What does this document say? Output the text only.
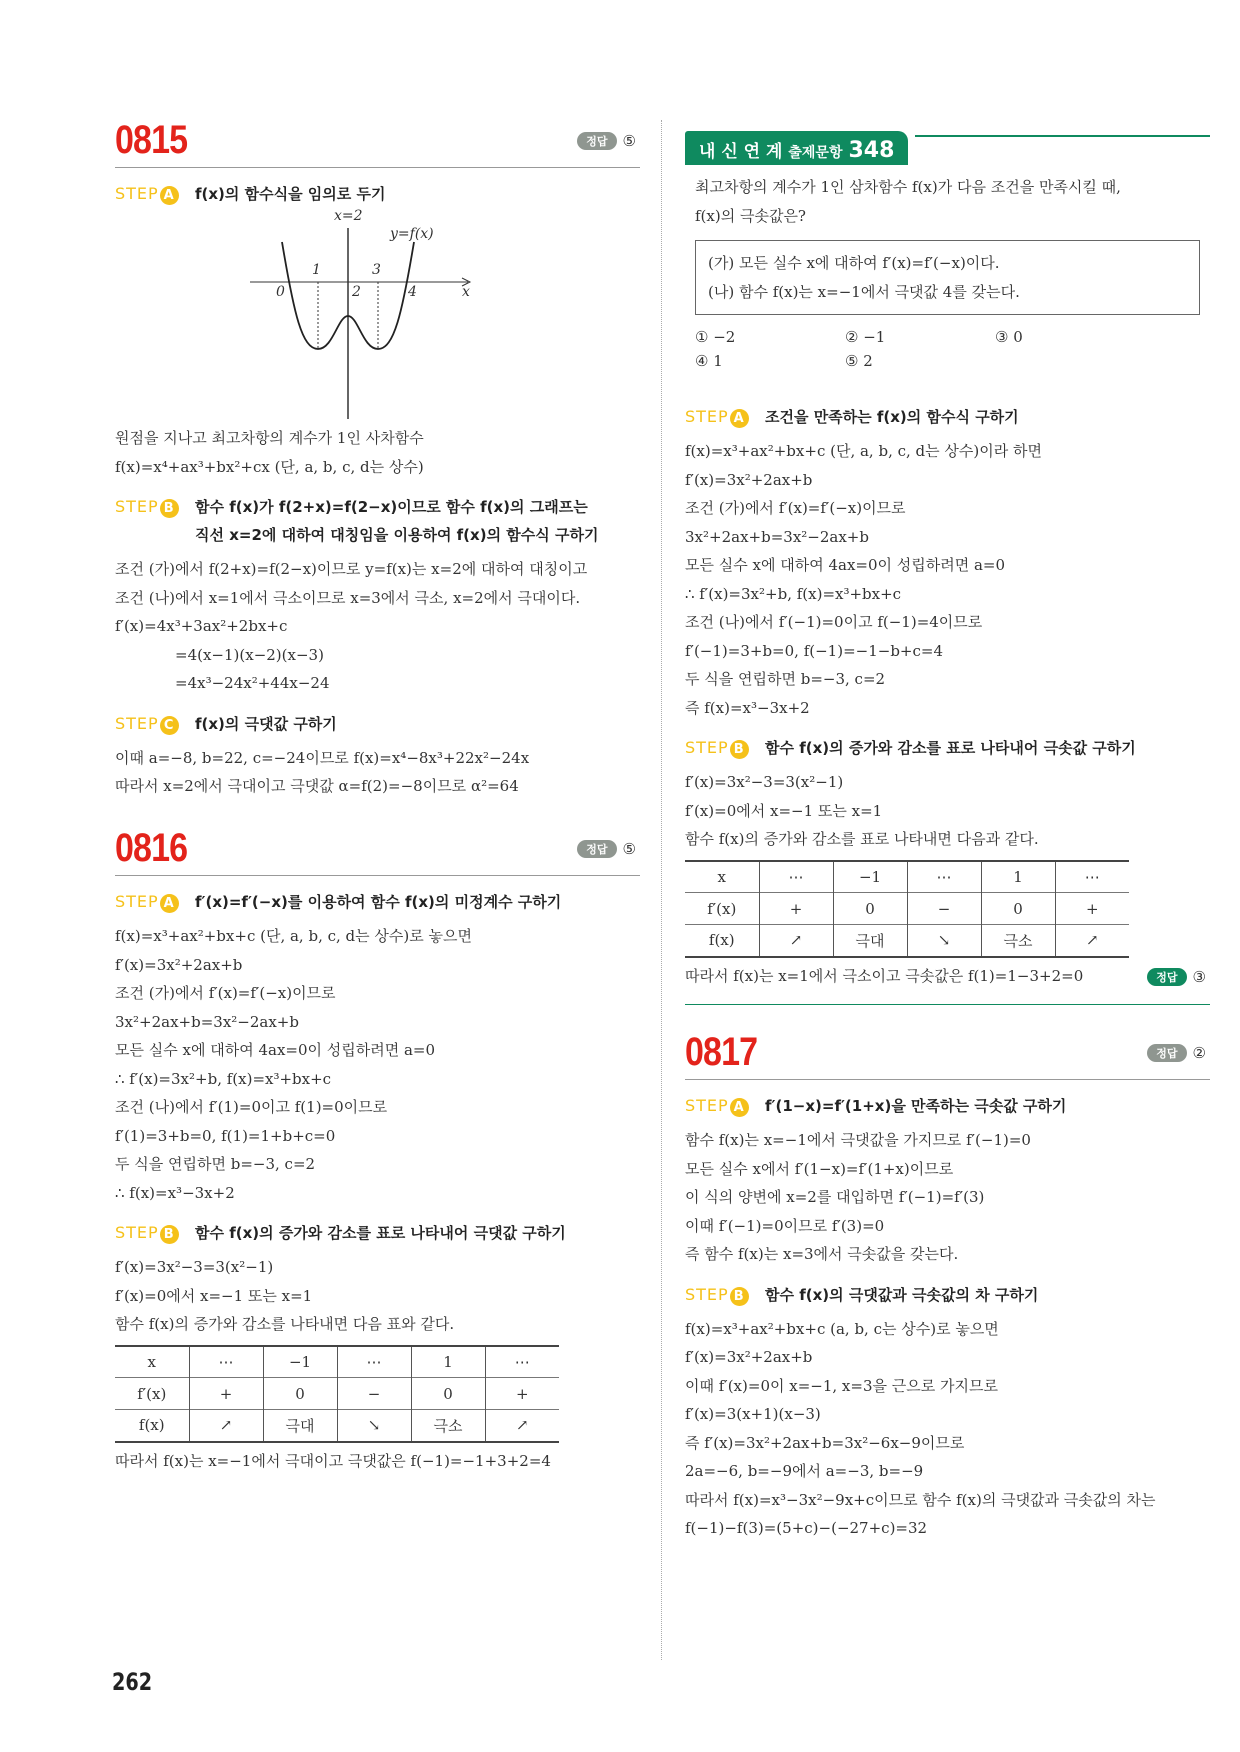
0815	정답	⑤
STEP A	f(x)의 함수식을 임의로 두기
x=2
y=f(x)
1	3
0	2	4	x
원점을 지나고 최고차항의 계수가 1인 사차함수
f(x)=x⁴+ax³+bx²+cx (단, a, b, c, d는 상수)
STEP B	함수 f(x)가 f(2+x)=f(2−x)이므로 함수 f(x)의 그래프는
직선 x=2에 대하여 대칭임을 이용하여 f(x)의 함수식 구하기
조건 (가)에서 f(2+x)=f(2−x)이므로 y=f(x)는 x=2에 대하여 대칭이고
조건 (나)에서 x=1에서 극소이므로 x=3에서 극소, x=2에서 극대이다.
f′(x)=4x³+3ax²+2bx+c
=4(x−1)(x−2)(x−3)
=4x³−24x²+44x−24
STEP C	f(x)의 극댓값 구하기
이때 a=−8, b=22, c=−24이므로 f(x)=x⁴−8x³+22x²−24x
따라서 x=2에서 극대이고 극댓값 α=f(2)=−8이므로 α²=64
0816	정답	⑤
STEP A	f′(x)=f′(−x)를 이용하여 함수 f(x)의 미정계수 구하기
f(x)=x³+ax²+bx+c (단, a, b, c, d는 상수)로 놓으면
f′(x)=3x²+2ax+b
조건 (가)에서 f′(x)=f′(−x)이므로
3x²+2ax+b=3x²−2ax+b
모든 실수 x에 대하여 4ax=0이 성립하려면 a=0
∴ f′(x)=3x²+b, f(x)=x³+bx+c
조건 (나)에서 f′(1)=0이고 f(1)=0이므로
f′(1)=3+b=0, f(1)=1+b+c=0
두 식을 연립하면 b=−3, c=2
∴ f(x)=x³−3x+2
STEP B	함수 f(x)의 증가와 감소를 표로 나타내어 극댓값 구하기
f′(x)=3x²−3=3(x²−1)
f′(x)=0에서 x=−1 또는 x=1
함수 f(x)의 증가와 감소를 나타내면 다음 표와 같다.
x	⋯	−1	⋯	1	⋯
f′(x)	+	0	−	0	+
f(x)	↗	극대	↘	극소	↗
따라서 f(x)는 x=−1에서 극대이고 극댓값은 f(−1)=−1+3+2=4
내 신 연 계 출제문항 348
최고차항의 계수가 1인 삼차함수 f(x)가 다음 조건을 만족시킬 때,
f(x)의 극솟값은?
(가) 모든 실수 x에 대하여 f′(x)=f′(−x)이다.
(나) 함수 f(x)는 x=−1에서 극댓값 4를 갖는다.
① −2	② −1	③ 0
④ 1	⑤ 2
STEP A	조건을 만족하는 f(x)의 함수식 구하기
f(x)=x³+ax²+bx+c (단, a, b, c, d는 상수)이라 하면
f′(x)=3x²+2ax+b
조건 (가)에서 f′(x)=f′(−x)이므로
3x²+2ax+b=3x²−2ax+b
모든 실수 x에 대하여 4ax=0이 성립하려면 a=0
∴ f′(x)=3x²+b, f(x)=x³+bx+c
조건 (나)에서 f′(−1)=0이고 f(−1)=4이므로
f′(−1)=3+b=0, f(−1)=−1−b+c=4
두 식을 연립하면 b=−3, c=2
즉 f(x)=x³−3x+2
STEP B	함수 f(x)의 증가와 감소를 표로 나타내어 극솟값 구하기
f′(x)=3x²−3=3(x²−1)
f′(x)=0에서 x=−1 또는 x=1
함수 f(x)의 증가와 감소를 표로 나타내면 다음과 같다.
x	⋯	−1	⋯	1	⋯
f′(x)	+	0	−	0	+
f(x)	↗	극대	↘	극소	↗
따라서 f(x)는 x=1에서 극소이고 극솟값은 f(1)=1−3+2=0	정답	③
0817	정답	②
STEP A	f′(1−x)=f′(1+x)을 만족하는 극솟값 구하기
함수 f(x)는 x=−1에서 극댓값을 가지므로 f′(−1)=0
모든 실수 x에서 f′(1−x)=f′(1+x)이므로
이 식의 양변에 x=2를 대입하면 f′(−1)=f′(3)
이때 f′(−1)=0이므로 f′(3)=0
즉 함수 f(x)는 x=3에서 극솟값을 갖는다.
STEP B	함수 f(x)의 극댓값과 극솟값의 차 구하기
f(x)=x³+ax²+bx+c (a, b, c는 상수)로 놓으면
f′(x)=3x²+2ax+b
이때 f′(x)=0이 x=−1, x=3을 근으로 가지므로
f′(x)=3(x+1)(x−3)
즉 f′(x)=3x²+2ax+b=3x²−6x−9이므로
2a=−6, b=−9에서 a=−3, b=−9
따라서 f(x)=x³−3x²−9x+c이므로 함수 f(x)의 극댓값과 극솟값의 차는
f(−1)−f(3)=(5+c)−(−27+c)=32
262
